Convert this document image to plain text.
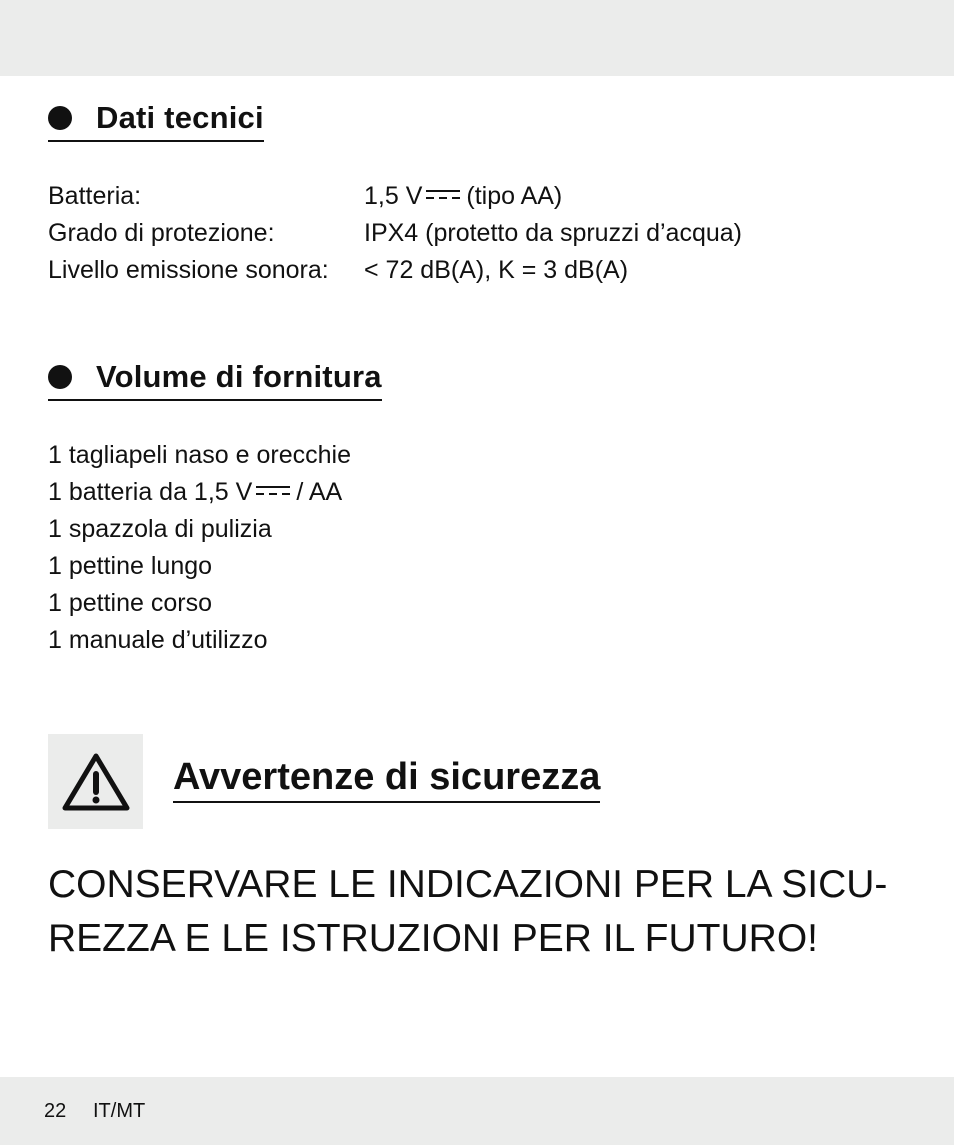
Dati tecnici
Batteria:	1,5 V (tipo AA)
Grado di protezione:	IPX4 (protetto da spruzzi d’acqua)
Livello emissione sonora:	< 72 dB(A), K = 3 dB(A)
Volume di fornitura
1 tagliapeli naso e orecchie
1 batteria da 1,5 V / AA
1 spazzola di pulizia
1 pettine lungo
1 pettine corso
1 manuale d’utilizzo
Avvertenze di sicurezza
CONSERVARE LE INDICAZIONI PER LA SICU-
REZZA E LE ISTRUZIONI PER IL FUTURO!
22 IT/MT
